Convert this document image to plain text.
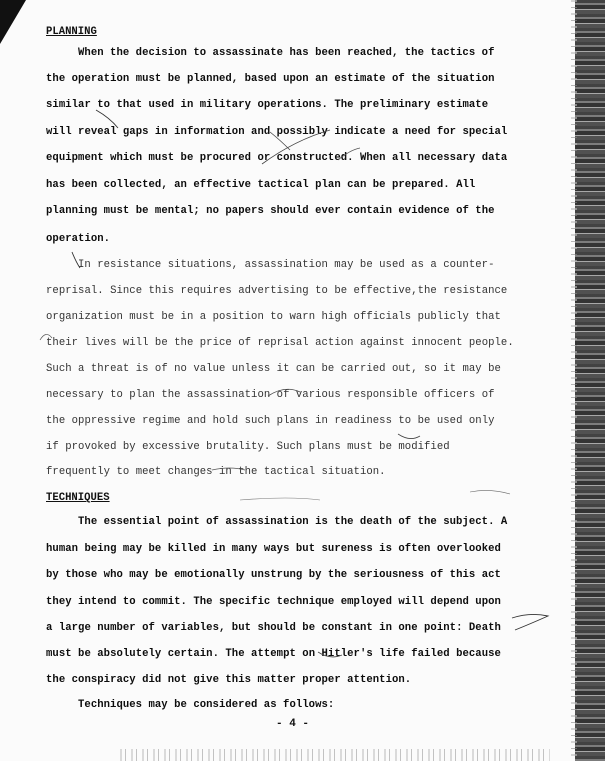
PLANNING
When the decision to assassinate has been reached, the tactics of
the operation must be planned, based upon an estimate of the situation
similar to that used in military operations. The preliminary estimate
will reveal gaps in information and possibly indicate a need for special
equipment which must be procured or constructed. When all necessary data
has been collected, an effective tactical plan can be prepared. All
planning must be mental; no papers should ever contain evidence of the
operation.
In resistance situations, assassination may be used as a counter-
reprisal. Since this requires advertising to be effective,the resistance
organization must be in a position to warn high officials publicly that
their lives will be the price of reprisal action against innocent people.
Such a threat is of no value unless it can be carried out, so it may be
necessary to plan the assassination of various responsible officers of
the oppressive regime and hold such plans in readiness to be used only
if provoked by excessive brutality. Such plans must be modified
frequently to meet changes in the tactical situation.
TECHNIQUES
The essential point of assassination is the death of the subject. A
human being may be killed in many ways but sureness is often overlooked
by those who may be emotionally unstrung by the seriousness of this act
they intend to commit. The specific technique employed will depend upon
a large number of variables, but should be constant in one point: Death
must be absolutely certain. The attempt on Hitler's life failed because
the conspiracy did not give this matter proper attention.
Techniques may be considered as follows:
- 4 -
